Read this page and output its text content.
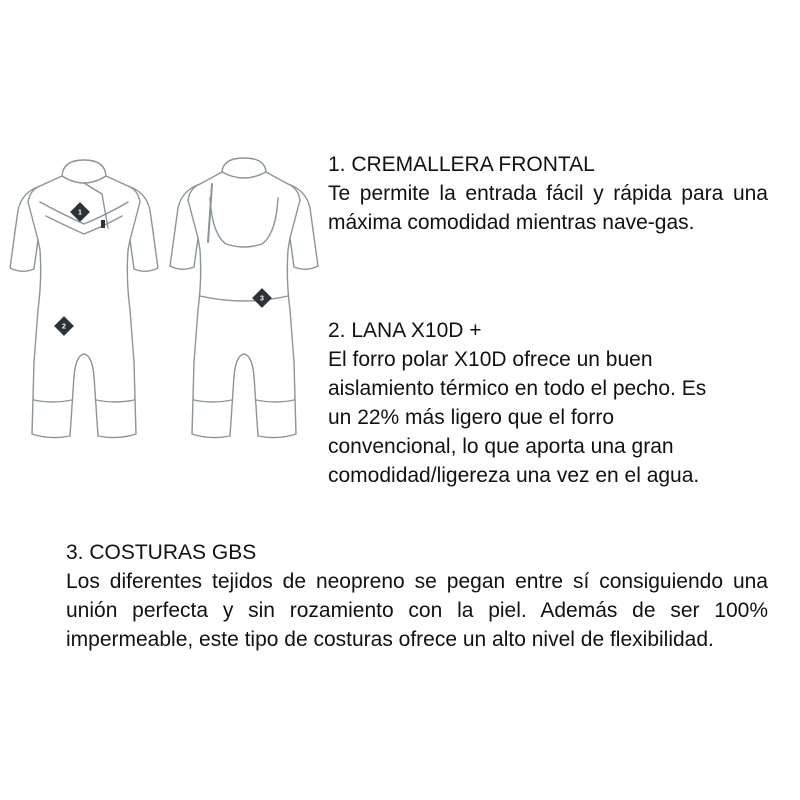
1
2
3
1. CREMALLERA FRONTAL

Te permite la entrada fácil y rápida para una máxima comodidad mientras nave-gas.

2. LANA X10D +

El forro polar X10D ofrece un buen
aislamiento térmico en todo el pecho. Es
un 22% más ligero que el forro
convencional, lo que aporta una gran
comodidad/ligereza una vez en el agua.

3. COSTURAS GBS

Los diferentes tejidos de neopreno se pegan entre sí consiguiendo una unión perfecta y sin rozamiento con la piel. Además de ser 100% impermeable, este tipo de costuras ofrece un alto nivel de flexibilidad.
